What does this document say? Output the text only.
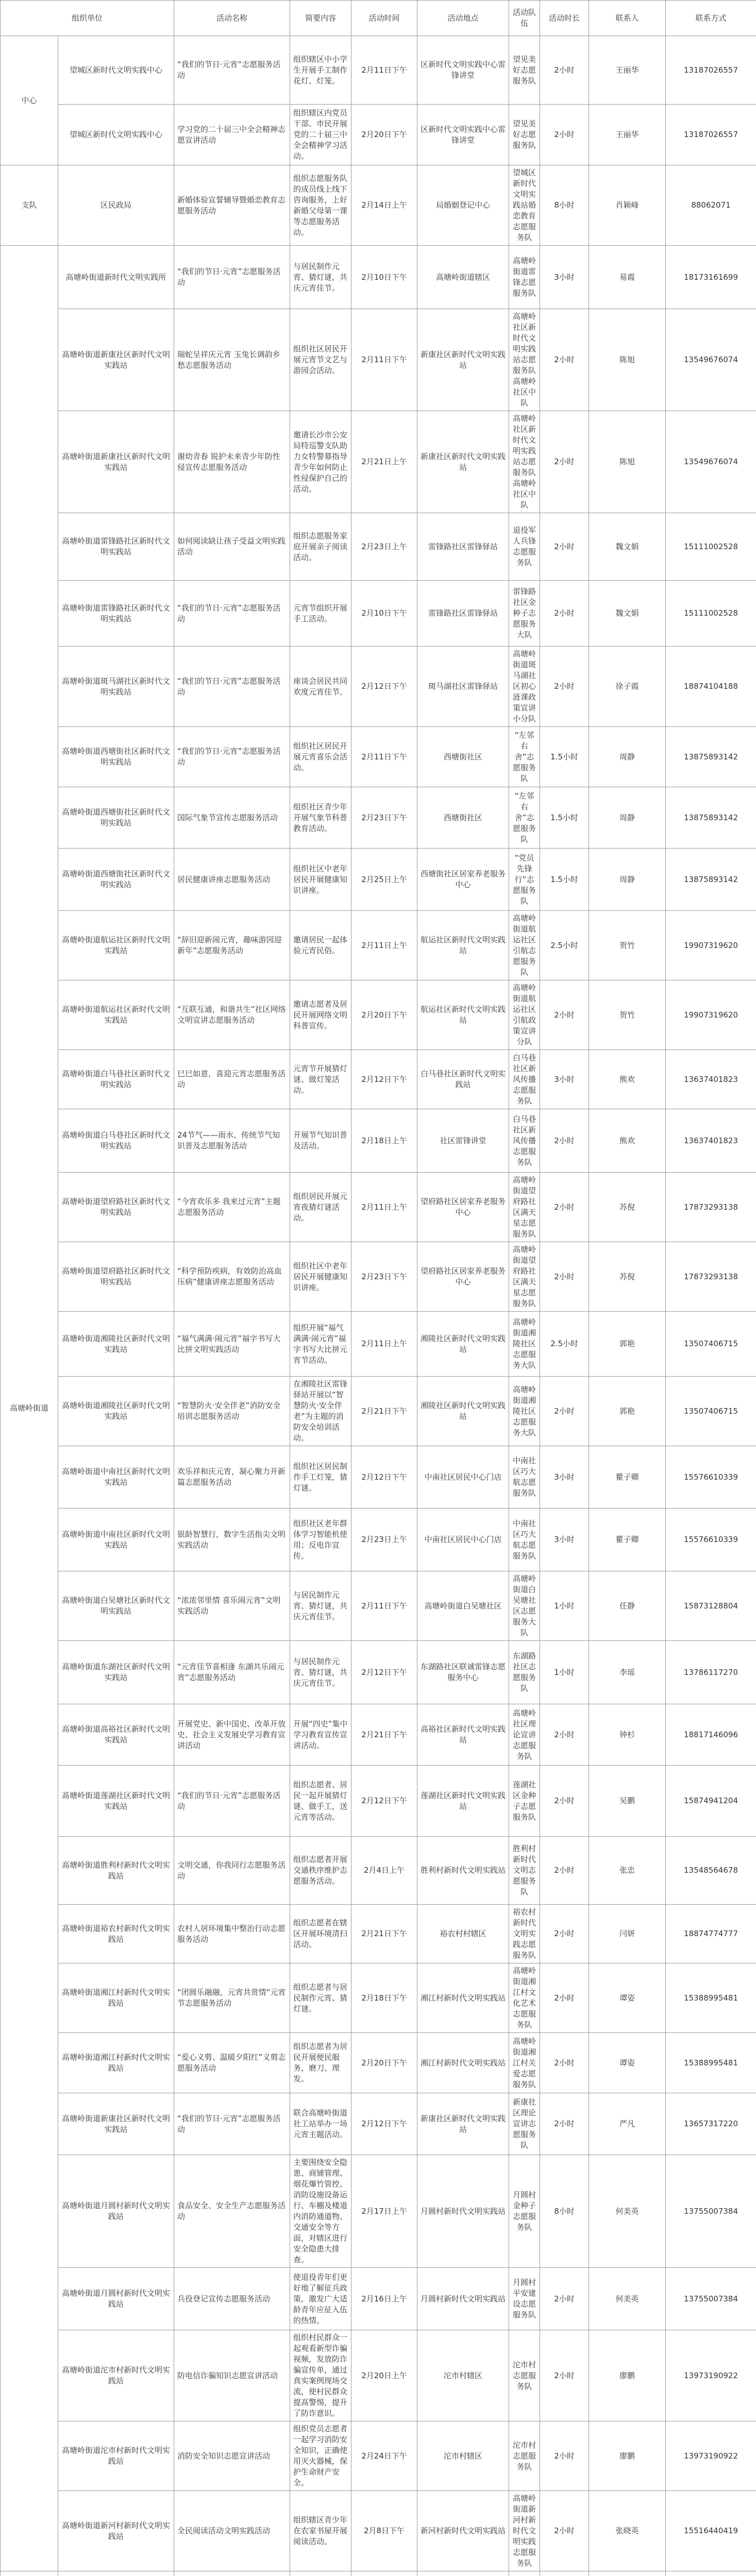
组织单位		活动名称	简要内容	活动时间	活动地点	活动队伍	活动时长	联系人	联系方式
中心	望城区新时代文明实践中心	“我们的节日·元宵”志愿服务活动	组织辖区中小学生开展手工制作花灯、灯笼。	2月11日下午	区新时代文明实践中心雷锋讲堂	望见美好志愿服务队	2小时	王丽华	13187026557
	望城区新时代文明实践中心	学习党的二十届三中全会精神志愿宣讲活动	组织辖区内党员干部、市民开展党的二十届三中全会精神学习活动。	2月20日下午	区新时代文明实践中心雷锋讲堂	望见美好志愿服务队	2小时	王丽华	13187026557
支队	区民政局	新婚体验宣誓辅导暨婚恋教育志愿服务活动	组织志愿服务队的成员线上线下咨询服务，上好新婚父母第一课等志愿服务活动。	2月14日上午	局婚姻登记中心	望城区新时代文明实践站婚恋教育志愿服务队	8小时	肖颖峰	88062071
高塘岭街道	高塘岭街道新时代文明实践所	“我们的节日·元宵”志愿服务活动	与居民制作元宵、猜灯谜，共庆元宵佳节。	2月10日下午	高塘岭街道辖区	高塘岭街道雷锋志愿服务队	3小时	易霞	18173161699
	高塘岭街道新康社区新时代文明实践站	瑞蛇呈祥庆元宵 玉兔长调韵乡愁志愿服务活动	组织社区居民开展元宵节文艺与游园会活动。	2月11日下午	新康社区新时代文明实践站	高塘岭社区新时代文明实践站志愿服务队高塘岭社区中队	2小时	陈旭	13549676074
	高塘岭街道新康社区新时代文明实践站	谢幼青春 锐护未来青少年防性侵宣传志愿服务活动	邀请长沙市公安局特巡警支队助力女特警幕指导青少年如何防止性侵保护自己的活动。	2月21日上午	新康社区新时代文明实践站	高塘岭社区新时代文明实践站志愿服务队高塘岭社区中队	2小时	陈旭	13549676074
	高塘岭街道雷锋路社区新时代文明实践站	如何阅读缺让孩子受益文明实践活动	组织志愿服务家庭开展亲子阅读活动。	2月23日上午	雷锋路社区雷锋驿站	退役军人兵锋志愿服务队	2小时	魏文娟	15111002528
	高塘岭街道雷锋路社区新时代文明实践站	“我们的节日·元宵”志愿服务活动	元宵节组织开展手工活动。	2月10日下午	雷锋路社区雷锋驿站	雷锋路社区金种子志愿服务大队	2小时	魏文娟	15111002528
	高塘岭街道斑马湖社区新时代文明实践站	“我们的节日·元宵”志愿服务活动	座谈会居民共同欢度元宵佳节。	2月12日下午	斑马湖社区雷锋驿站	高塘岭街道斑马湖社区初心涟课政策宣讲小分队	2小时	徐子霞	18874104188
	高塘岭街道西塘街社区新时代文明实践站	“我们的节日·元宵”志愿服务活动	组织社区居民开展元宵喜乐会活动。	2月11日下午	西塘街社区	“左邻右舍”志愿服务队	1.5小时	周静	13875893142
	高塘岭街道西塘街社区新时代文明实践站	国际气象节宣传志愿服务活动	组织社区青少年开展气象节科普教育活动。	2月23日下午	西塘街社区	“左邻右舍”志愿服务队	1.5小时	周静	13875893142
	高塘岭街道西塘街社区新时代文明实践站	居民健康讲座志愿服务活动	组织社区中老年居民开展健康知识讲座。	2月25日上午	西塘街社区居家养老服务中心	“党员先锋行”志愿服务队	1.5小时	周静	13875893142
	高塘岭街道航运社区新时代文明实践站	“辞旧迎新闹元宵，趣味游园迎新年”志愿服务活动	邀请居民一起体验元宵民俗。	2月11日上午	航运社区新时代文明实践站	高塘岭街道航运社区引航志愿服务队	2.5小时	贺竹	19907319620
	高塘岭街道航运社区新时代文明实践站	“互联互通，和谐共生”社区网络文明宣讲志愿服务活动	邀请志愿者及居民开展网络文明科普宣传。	2月20日下午	航运社区新时代文明实践站	高塘岭街道航运社区引航政策宣讲分队	2小时	贺竹	19907319620
	高塘岭街道白马巷社区新时代文明实践站	巳巳如意，喜迎元宵志愿服务活动	元宵节开展猜灯谜、做灯笼活动。	2月12日下午	白马巷社区新时代文明实践站	白马巷社区新风传播志愿服务队	3小时	熊欢	13637401823
	高塘岭街道白马巷社区新时代文明实践站	24节气——雨水、传统节气知识普及志愿服务活动	开展节气知识普及活动。	2月18日上午	社区雷锋讲堂	白马巷社区新风传播志愿服务队	2小时	熊欢	13637401823
	高塘岭街道望府路社区新时代文明实践站	“今宵欢乐多 我来过元宵”主题志愿服务活动	组织居民开展元宵夜猜灯谜活动。	2月11日上午	望府路社区居家养老服务中心	高塘岭街道望府路社区满天星志愿服务队	2小时	苏倪	17873293138
	高塘岭街道望府路社区新时代文明实践站	“科学预防疾病，有效防治高血压病”健康讲座志愿服务活动	组织社区中老年居民开展健康知识讲座。	2月23日下午	望府路社区居家养老服务中心	高塘岭街道望府路社区满天星志愿服务队	2小时	苏倪	17873293138
	高塘岭街道湘陵社区新时代文明实践站	“福气满满·闹元宵”福字书写大比拼文明实践活动	组织开展“福气满满·闹元宵”福字书写大比拼元宵节活动。	2月11日上午	湘陵社区新时代文明实践站	高塘岭街道湘陵社区志愿服务大队	2.5小时	郭艳	13507406715
	高塘岭街道湘陵社区新时代文明实践站	“智慧防火·安全伴老”消防安全培训志愿服务活动	在湘陵社区雷锋驿站开展以“智慧防火·安全伴老”为主题的消防安全培训活动。	2月21日下午	湘陵社区新时代文明实践站	高塘岭街道湘陵社区志愿服务大队	2小时	郭艳	13507406715
	高塘岭街道中南社区新时代文明实践站	欢乐祥和庆元宵，凝心聚力开新篇志愿服务活动	组织社区居民制作手工灯笼，猜灯谜。	2月12日下午	中南社区居民中心门店	中南社区巧大航志愿服务队	3小时	瞿子卿	15576610339
	高塘岭街道中南社区新时代文明实践站	银龄智慧行，数字生活指尖文明实践活动	组织社区老年群体学习智能机使用；反电诈宣传。	2月23日上午	中南社区居民中心门店	中南社区巧大航志愿服务队	3小时	瞿子卿	15576610339
	高塘岭街道白吴塘社区新时代文明实践站	“浓浓邻里情 喜乐闹元宵”文明实践活动	与居民制作元宵、猜灯谜，共庆元宵佳节。	2月11日下午	高塘岭街道白吴塘社区	高塘岭街道白吴塘社区志愿服务大队	1小时	任静	15873128804
	高塘岭街道东湖社区新时代文明实践站	“元宵佳节喜相逢 东湖共乐闹元宵”志愿服务活动	与居民制作元宵、猜灯谜，共庆元宵佳节。	2月12日下午	东湖路社区联诚雷锋志愿服务中心	东湖路社区志愿服务队	1小时	李瑶	13786117270
	高塘岭街道高裕社区新时代文明实践站	开展党史、新中国史、改革开放史、社会主义发展史学习教育宣讲活动	开展“四史”集中学习教育宣传宣讲活动。	2月21日下午	高裕社区新时代文明实践站	高塘岭社区理论宣讲志愿服务队	2小时	钟杉	18817146096
	高塘岭街道莲湖社区新时代文明实践站	“我们的节日·元宵”志愿服务活动	组织志愿者、居民一起开展猜灯谜、做手工，送元宵等活动。	2月12日下午	莲湖社区新时代文明实践站	莲湖社区金种子志愿服务队	2小时	吴鹏	15874941204
	高塘岭街道胜利村新时代文明实践站	文明交通，你我同行志愿服务活动	组织志愿者开展交通秩序维护志愿服务活动。	2月4日上午	胜利村新时代文明实践站	胜利村新时代文明志愿服务队	2小时	张忠	13548564678
	高塘岭街道裕农村新时代文明实践站	农村人居环境集中整治行动志愿服务活动	组织志愿者在辖区开展环境清扫活动。	2月21日下午	裕农村村辖区	裕农村新时代文明实践志愿服务队	2小时	闫妍	18874774777
	高塘岭街道湘江村新时代文明实践站	“团圆乐融融，元宵共赏情”元宵节志愿服务活动	组织志愿者与居民制作元宵、猜灯谜。	2月18日下午	湘江村新时代文明实践站	高塘岭街道湘江村文化艺术志愿服务队	2小时	谭姿	15388995481
	高塘岭街道湘江村新时代文明实践站	“爱心义剪、温暖夕阳红”义剪志愿服务活动	组织志愿者为居民开展便民服务，磨刀、理发。	2月20日下午	湘江村新时代文明实践站	高塘岭街道湘江村关爱志愿服务队	2小时	谭姿	15388995481
	高塘岭街道新康社区新时代文明实践站	“我们的节日·元宵”志愿服务活动	联合高塘岭街道社工站举办一场元宵主题活动。	2月12日下午	新康社区新时代文明实践站	新康社区理论宣讲志愿服务队	2小时	严凡	13657317220
	高塘岭街道月圆村新时代文明实践站	食品安全、安全生产志愿服务活动	主要围绕安全隐患、商铺管理、烟花爆竹管控、消防设施设备运行、车棚及楼道内消防通道物、交通安全等方面，对辖区进行安全隐患大排查。	2月17日上午	月圆村新时代文明实践站	月圆村金种子志愿服务队	8小时	何美英	13755007384
	高塘岭街道月圆村新时代文明实践站	兵役登记宣传志愿服务活动	使退役青年们更好地了解征兵政策，激发广大适龄青年应征入伍的热情。	2月16日上午	月圆村新时代文明实践站	月圆村平安建设志愿服务队	2小时	何美英	13755007384
	高塘岭街道沱市村新时代文明实践站	防电信诈骗知识志愿宣讲活动	组织村民群众一起观看新型诈骗视频，发放防诈骗宣传单，通过真实案例现场交流，使村民群众提高警惕，提升了防诈意识。	2月20日上午	沱市村辖区	沱市村志愿服务队	2小时	廖鹏	13973190922
	高塘岭街道沱市村新时代文明实践站	消防安全知识志愿宣讲活动	组织党员志愿者一起学习消防安全知识，正确使用灭火器械，保护生命财产安全。	2月24日下午	沱市村辖区	沱市村志愿服务队	2小时	廖鹏	13973190922
	高塘岭街道新河村新时代文明实践站	全民阅读活动文明实践活动	组织辖区青少年在农家书屋开展阅读活动。	2月8日下午	新河村新时代文明实践站	高塘岭街道新河村新时代文明实践志愿服务队	2小时	张晓英	15516440419
